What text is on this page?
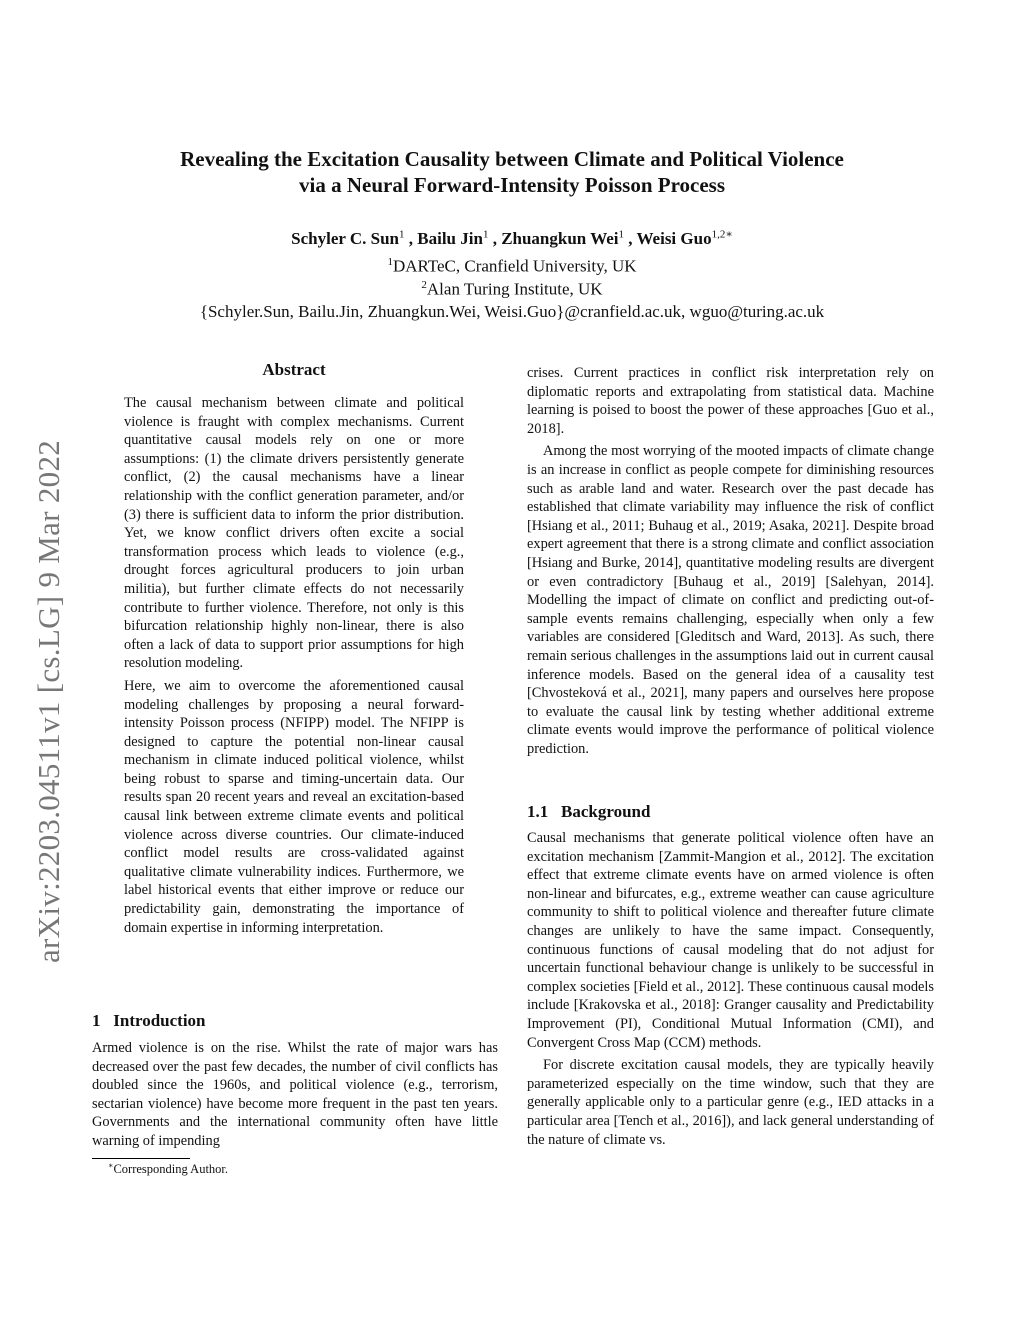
Revealing the Excitation Causality between Climate and Political Violence
via a Neural Forward-Intensity Poisson Process
Schyler C. Sun$^1$ , Bailu Jin$^1$ , Zhuangkun Wei$^1$ , Weisi Guo$^{1,2∗}$
$^1$DARTeC, Cranfield University, UK
$^2$Alan Turing Institute, UK
{Schyler.Sun, Bailu.Jin, Zhuangkun.Wei, Weisi.Guo}@cranfield.ac.uk, wguo@turing.ac.uk
arXiv:2203.04511v1 [cs.LG] 9 Mar 2022
Abstract

The causal mechanism between climate and political violence is fraught with complex mechanisms. Current quantitative causal models rely on one or more assumptions: (1) the climate drivers persistently generate conflict, (2) the causal mechanisms have a linear relationship with the conflict generation parameter, and/or (3) there is sufficient data to inform the prior distribution. Yet, we know conflict drivers often excite a social transformation process which leads to violence (e.g., drought forces agricultural producers to join urban militia), but further climate effects do not necessarily contribute to further violence. Therefore, not only is this bifurcation relationship highly non-linear, there is also often a lack of data to support prior assumptions for high resolution modeling.

Here, we aim to overcome the aforementioned causal modeling challenges by proposing a neural forward-intensity Poisson process (NFIPP) model. The NFIPP is designed to capture the potential non-linear causal mechanism in climate induced political violence, whilst being robust to sparse and timing-uncertain data. Our results span 20 recent years and reveal an excitation-based causal link between extreme climate events and political violence across diverse countries. Our climate-induced conflict model results are cross-validated against qualitative climate vulnerability indices. Furthermore, we label historical events that either improve or reduce our predictability gain, demonstrating the importance of domain expertise in informing interpretation.

1 Introduction

Armed violence is on the rise. Whilst the rate of major wars has decreased over the past few decades, the number of civil conflicts has doubled since the 1960s, and political violence (e.g., terrorism, sectarian violence) have become more frequent in the past ten years. Governments and the international community often have little warning of impending

crises. Current practices in conflict risk interpretation rely on diplomatic reports and extrapolating from statistical data. Machine learning is poised to boost the power of these approaches [Guo et al., 2018].

Among the most worrying of the mooted impacts of climate change is an increase in conflict as people compete for diminishing resources such as arable land and water. Research over the past decade has established that climate variability may influence the risk of conflict [Hsiang et al., 2011; Buhaug et al., 2019; Asaka, 2021]. Despite broad expert agreement that there is a strong climate and conflict association [Hsiang and Burke, 2014], quantitative modeling results are divergent or even contradictory [Buhaug et al., 2019] [Salehyan, 2014]. Modelling the impact of climate on conflict and predicting out-of-sample events remains challenging, especially when only a few variables are considered [Gleditsch and Ward, 2013]. As such, there remain serious challenges in the assumptions laid out in current causal inference models. Based on the general idea of a causality test [Chvosteková et al., 2021], many papers and ourselves here propose to evaluate the causal link by testing whether additional extreme climate events would improve the performance of political violence prediction.

1.1 Background

Causal mechanisms that generate political violence often have an excitation mechanism [Zammit-Mangion et al., 2012]. The excitation effect that extreme climate events have on armed violence is often non-linear and bifurcates, e.g., extreme weather can cause agriculture community to shift to political violence and thereafter future climate changes are unlikely to have the same impact. Consequently, continuous functions of causal modeling that do not adjust for uncertain functional behaviour change is unlikely to be successful in complex societies [Field et al., 2012]. These continuous causal models include [Krakovska et al., 2018]: Granger causality and Predictability Improvement (PI), Conditional Mutual Information (CMI), and Convergent Cross Map (CCM) methods.

For discrete excitation causal models, they are typically heavily parameterized especially on the time window, such that they are generally applicable only to a particular genre (e.g., IED attacks in a particular area [Tench et al., 2016]), and lack general understanding of the nature of climate vs.

∗Corresponding Author.
